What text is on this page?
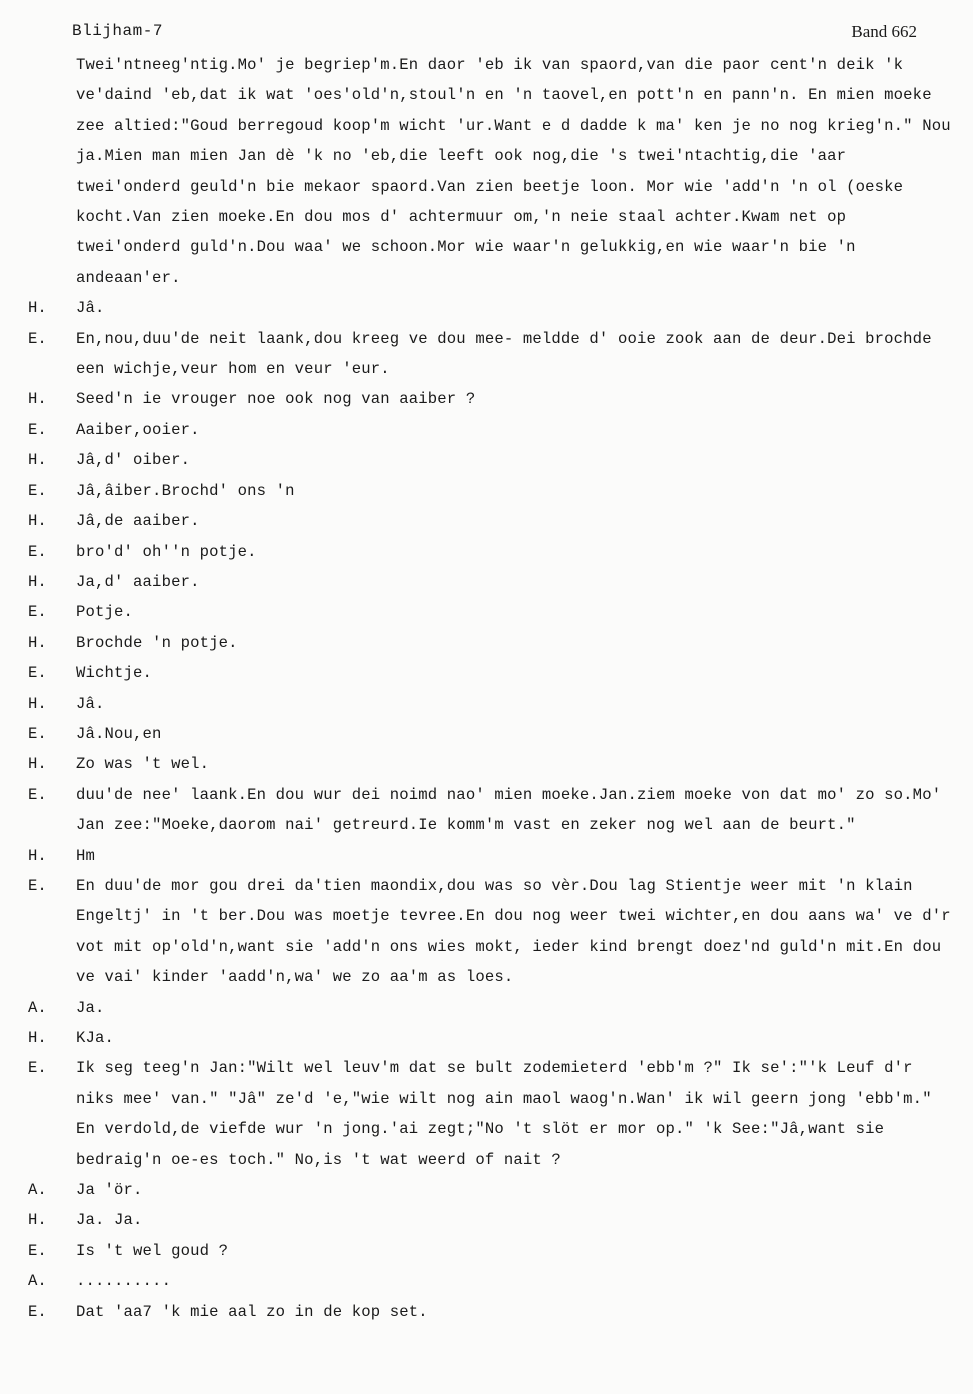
Blijham-7	Band 662
Twei'ntneeg'ntig.Mo' je begriep'm.En daor 'eb ik van spaord,van die paor cent'n deik 'k ve'daind 'eb,dat ik wat 'oes'old'n,stoul'n en 'n taovel,en pott'n en pann'n. En mien moeke zee altied:"Goud berregoud koop'm wicht 'ur.Want e d dadde k ma' ken je no nog krieg'n." Nou ja.Mien man mien Jan dè 'k no 'eb,die leeft ook nog,die 's twei'ntachtig,die 'aar twei'onderd geuld'n bie mekaor spaord.Van zien beetje loon. Mor wie 'add'n 'n ol (oeske kocht.Van zien moeke.En dou mos d' achtermuur om,'n neie staal achter.Kwam net op twei'onderd guld'n.Dou waa' we schoon.Mor wie waar'n gelukkig,en wie waar'n bie 'n andeaan'er.
H.	Jâ.
E.	En,nou,duu'de neit laank,dou kreeg ve dou mee- meldde d' ooie zook aan de deur.Dei brochde een wichje,veur hom en veur 'eur.
H.	Seed'n ie vrouger noe ook nog van aaiber ?
E.	Aaiber,ooier.
H.	Jâ,d' oiber.
E.	Jâ,âiber.Brochd' ons 'n
H.	Jâ,de aaiber.
E.	bro'd' oh''n potje.
H.	Ja,d' aaiber.
E.	Potje.
H.	Brochde 'n potje.
E.	Wichtje.
H.	Jâ.
E.	Jâ.Nou,en
H.	Zo was 't wel.
E.	duu'de nee' laank.En dou wur dei noimd nao' mien moeke.Jan.ziem moeke von dat mo' zo so.Mo' Jan zee:"Moeke,daorom nai' getreurd.Ie komm'm vast en zeker nog wel aan de beurt."
H.	Hm
E.	En duu'de mor gou drei da'tien maondix,dou was so vèr.Dou lag Stientje weer mit 'n klain Engeltj' in 't ber.Dou was moetje tevree.En dou nog weer twei wichter,en dou aans wa' ve d'r vot mit op'old'n,want sie 'add'n ons wies mokt, ieder kind brengt doez'nd guld'n mit.En dou ve vai' kinder 'aadd'n,wa' we zo aa'm as loes.
A.	Ja.
H.	KJa.
E.	Ik seg teeg'n Jan:"Wilt wel leuv'm dat se bult zodemieterd 'ebb'm ?" Ik se':"'k Leuf d'r niks mee' van." "Jâ" ze'd 'e,"wie wilt nog ain maol waog'n.Wan' ik wil geern jong 'ebb'm." En verdold,de viefde wur 'n jong.'ai zegt;"No 't slöt er mor op." 'k See:"Jâ,want sie bedraig'n oe-es toch." No,is 't wat weerd of nait ?
A.	Ja 'ör.
H.	Ja. Ja.
E.	Is 't wel goud ?
A.	..........
E.	Dat 'aa7 'k mie aal zo in de kop set.
